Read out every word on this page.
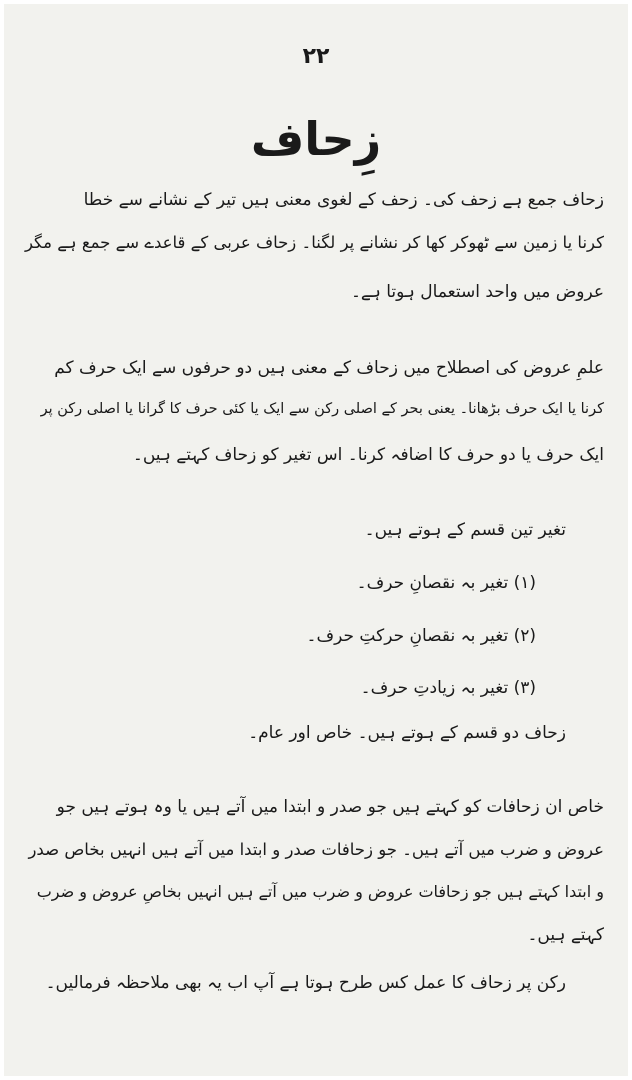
۲۲
زِحاف
زحاف جمع ہے زحف کی۔ زحف کے لغوی معنی ہیں تیر کے نشانے سے خطا
کرنا یا زمین سے ٹھوکر کھا کر نشانے پر لگنا۔ زحاف عربی کے قاعدے سے جمع ہے مگر
عروض میں واحد استعمال ہوتا ہے۔
علمِ عروض کی اصطلاح میں زحاف کے معنی ہیں دو حرفوں سے ایک حرف کم
کرنا یا ایک حرف بڑھانا۔ یعنی بحر کے اصلی رکن سے ایک یا کئی حرف کا گرانا یا اصلی رکن پر
ایک حرف یا دو حرف کا اضافہ کرنا۔ اس تغیر کو زحاف کہتے ہیں۔
تغیر تین قسم کے ہوتے ہیں۔
(۱) تغیر بہ نقصانِ حرف۔
(۲) تغیر بہ نقصانِ حرکتِ حرف۔
(۳) تغیر بہ زیادتِ حرف۔
زحاف دو قسم کے ہوتے ہیں۔ خاص اور عام۔
خاص ان زحافات کو کہتے ہیں جو صدر و ابتدا میں آتے ہیں یا وہ ہوتے ہیں جو
عروض و ضرب میں آتے ہیں۔ جو زحافات صدر و ابتدا میں آتے ہیں انہیں بخاص صدر
و ابتدا کہتے ہیں جو زحافات عروض و ضرب میں آتے ہیں انہیں بخاصِ عروض و ضرب
کہتے ہیں۔
رکن پر زحاف کا عمل کس طرح ہوتا ہے آپ اب یہ بھی ملاحظہ فرمالیں۔
